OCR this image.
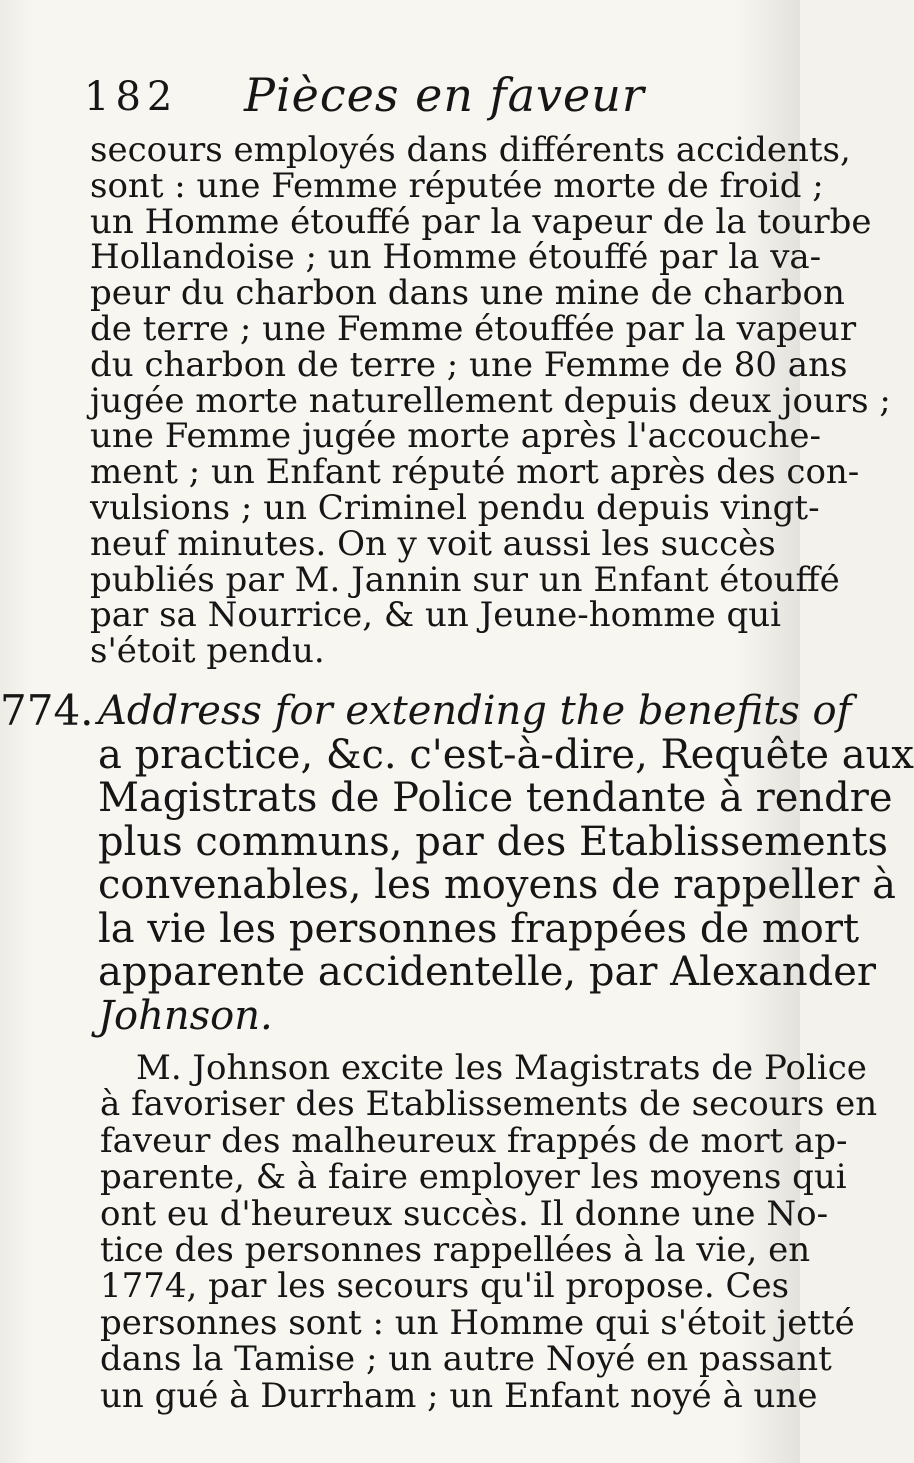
182 Pièces en faveur
secours employés dans différents accidents,
sont : une Femme réputée morte de froid ;
un Homme étouffé par la vapeur de la tourbe
Hollandoise ; un Homme étouffé par la va-
peur du charbon dans une mine de charbon
de terre ; une Femme étouffée par la vapeur
du charbon de terre ; une Femme de 80 ans
jugée morte naturellement depuis deux jours ;
une Femme jugée morte après l'accouche-
ment ; un Enfant réputé mort après des con-
vulsions ; un Criminel pendu depuis vingt-
neuf minutes. On y voit aussi les succès
publiés par M. Jannin sur un Enfant étouffé
par sa Nourrice, & un Jeune-homme qui
s'étoit pendu.
774. Address for extending the benefits of
a practice, &c. c'est-à-dire, Requête aux
Magistrats de Police tendante à rendre
plus communs, par des Etablissements
convenables, les moyens de rappeller à
la vie les personnes frappées de mort
apparente accidentelle, par Alexander
Johnson.
M. Johnson excite les Magistrats de Police
à favoriser des Etablissements de secours en
faveur des malheureux frappés de mort ap-
parente, & à faire employer les moyens qui
ont eu d'heureux succès. Il donne une No-
tice des personnes rappellées à la vie, en
1774, par les secours qu'il propose. Ces
personnes sont : un Homme qui s'étoit jetté
dans la Tamise ; un autre Noyé en passant
un gué à Durrham ; un Enfant noyé à une
